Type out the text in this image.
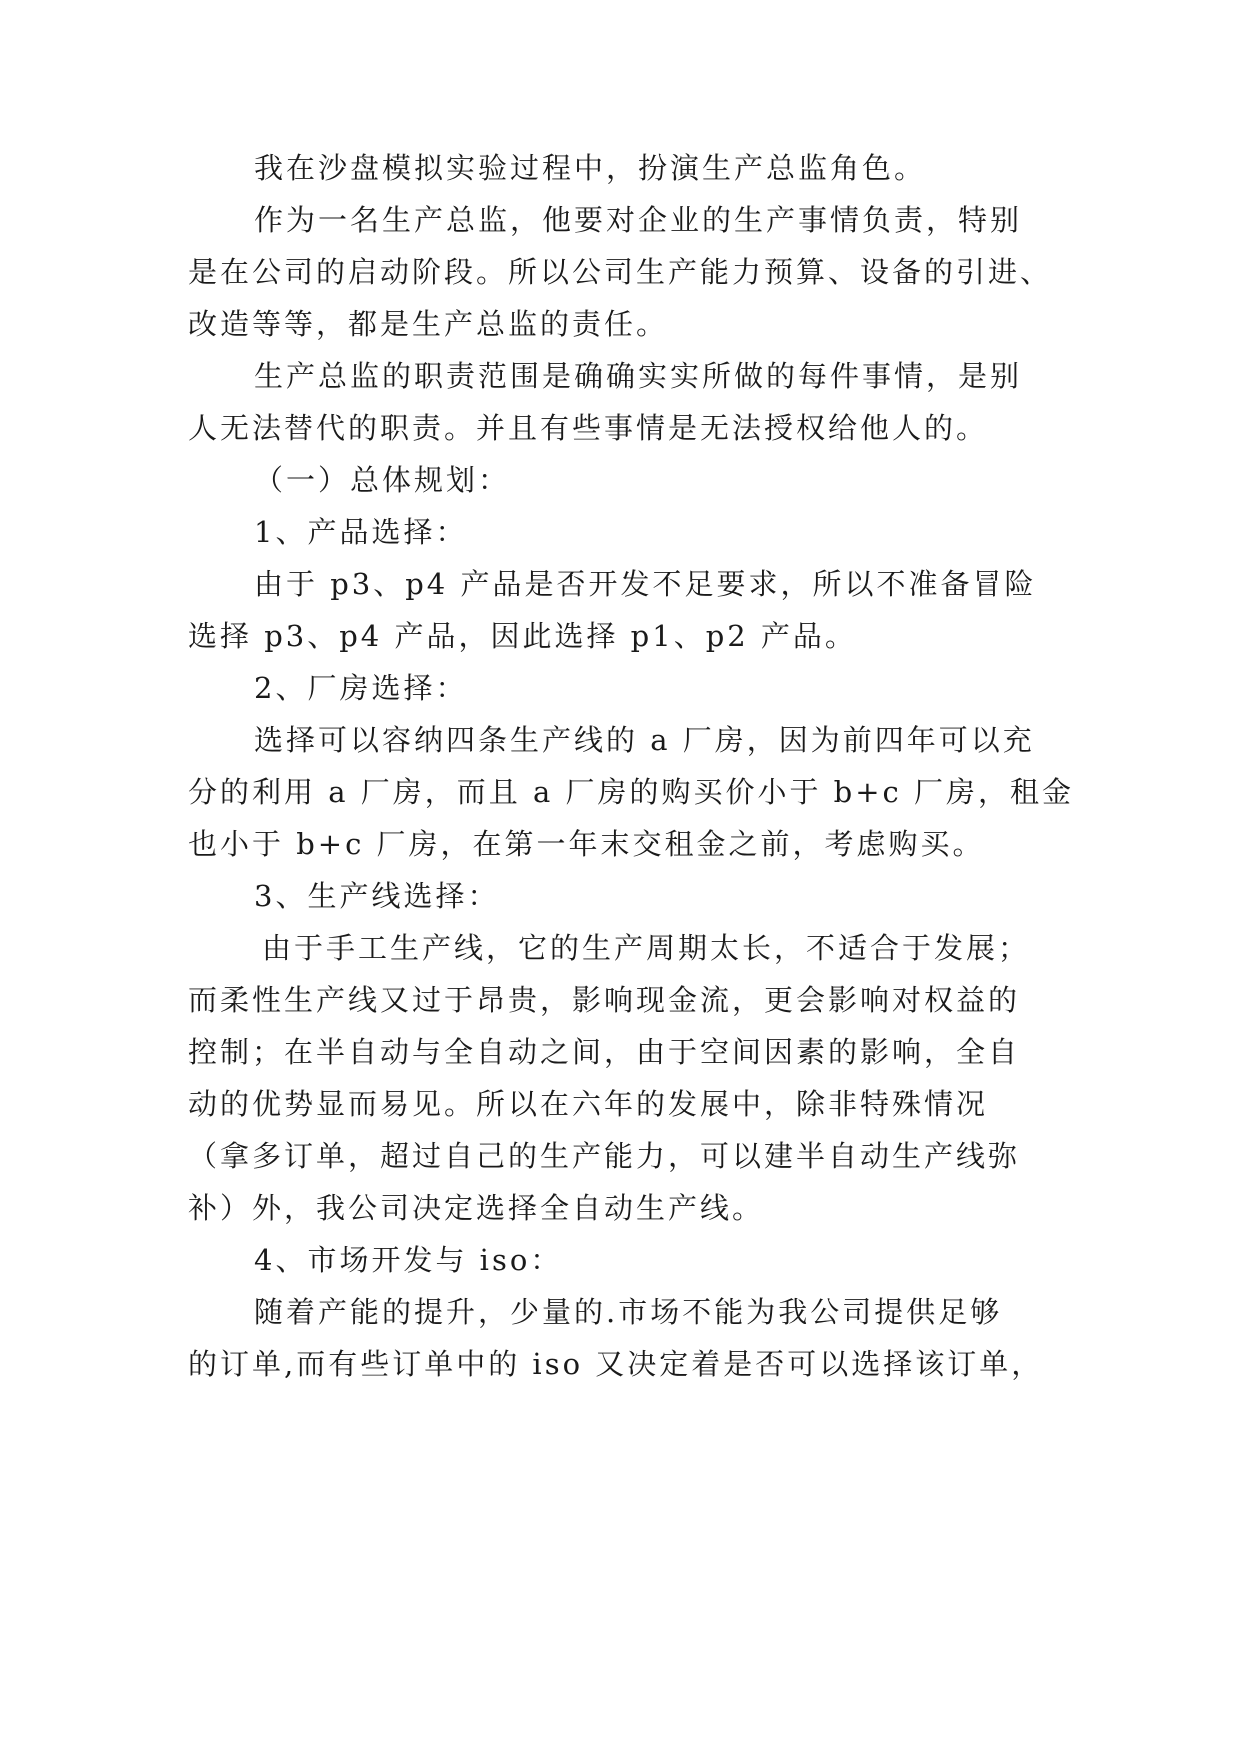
我在沙盘模拟实验过程中，扮演生产总监角色。

作为一名生产总监，他要对企业的生产事情负责，特别

是在公司的启动阶段。所以公司生产能力预算、设备的引进、

改造等等，都是生产总监的责任。

生产总监的职责范围是确确实实所做的每件事情，是别

人无法替代的职责。并且有些事情是无法授权给他人的。

（一）总体规划：

1、产品选择：

由于 p3、p4 产品是否开发不足要求，所以不准备冒险

选择 p3、p4 产品，因此选择 p1、p2 产品。

2、厂房选择：

选择可以容纳四条生产线的 a 厂房，因为前四年可以充

分的利用 a 厂房，而且 a 厂房的购买价小于 b+c 厂房，租金

也小于 b+c 厂房，在第一年末交租金之前，考虑购买。

3、生产线选择：

由于手工生产线，它的生产周期太长，不适合于发展；

而柔性生产线又过于昂贵，影响现金流，更会影响对权益的

控制；在半自动与全自动之间，由于空间因素的影响，全自

动的优势显而易见。所以在六年的发展中，除非特殊情况

（拿多订单，超过自己的生产能力，可以建半自动生产线弥

补）外，我公司决定选择全自动生产线。

4、市场开发与 iso：

随着产能的提升，少量的.市场不能为我公司提供足够

的订单,而有些订单中的 iso 又决定着是否可以选择该订单，
